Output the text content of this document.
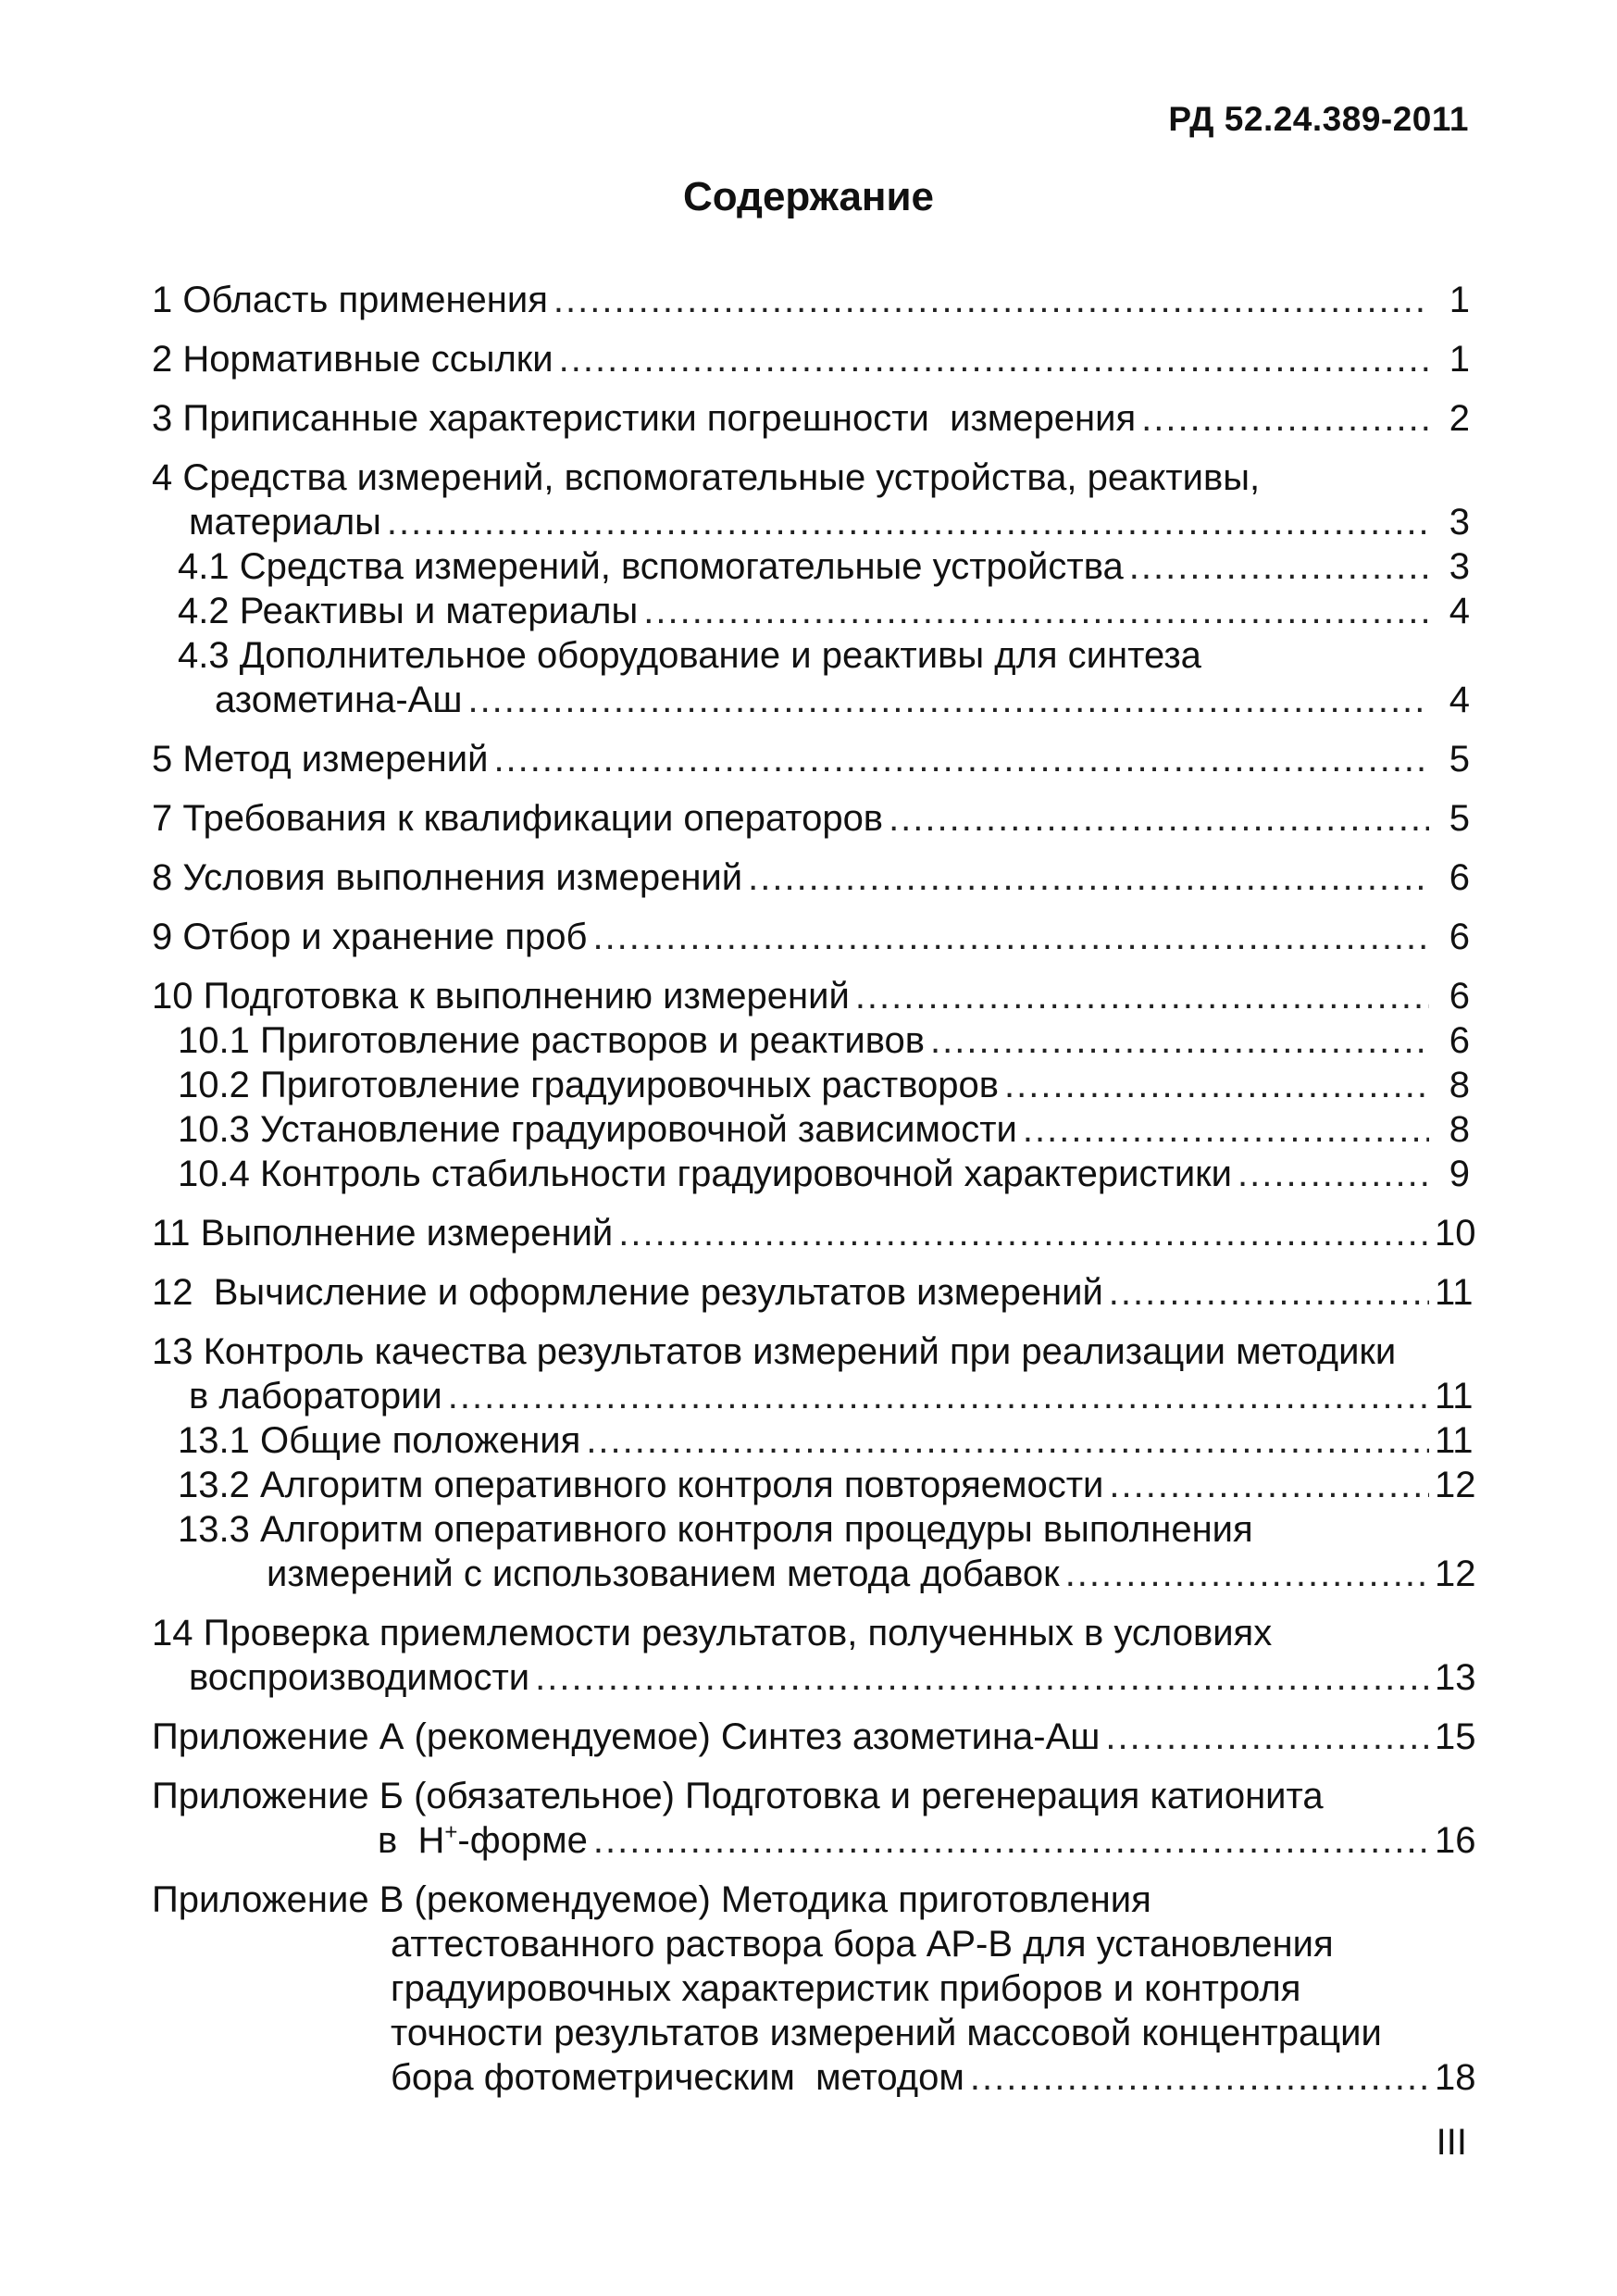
РД 52.24.389-2011
Содержание
1 Область применения .....	1
2 Нормативные ссылки .....	1
3 Приписанные характеристики погрешности  измерения .....	2
4 Средства измерений, вспомогательные устройства, реактивы,
материалы .....	3
4.1 Средства измерений, вспомогательные устройства .....	3
4.2 Реактивы и материалы .....	4
4.3 Дополнительное оборудование и реактивы для синтеза
азометина-Аш .....	4
5 Метод измерений .....	5
7 Требования к квалификации операторов .....	5
8 Условия выполнения измерений .....	6
9 Отбор и хранение проб .....	6
10 Подготовка к выполнению измерений .....	6
10.1 Приготовление растворов и реактивов .....	6
10.2 Приготовление градуировочных растворов .....	8
10.3 Установление градуировочной зависимости .....	8
10.4 Контроль стабильности градуировочной характеристики .....	9
11 Выполнение измерений .....	10
12  Вычисление и оформление результатов измерений .....	11
13 Контроль качества результатов измерений при реализации методики
в лаборатории .....	11
13.1 Общие положения .....	11
13.2 Алгоритм оперативного контроля повторяемости .....	12
13.3 Алгоритм оперативного контроля процедуры выполнения
измерений с использованием метода добавок .....	12
14 Проверка приемлемости результатов, полученных в условиях
воспроизводимости .....	13
Приложение А (рекомендуемое) Синтез азометина-Аш .....	15
Приложение Б (обязательное) Подготовка и регенерация катионита
в  H+-форме .....	16
Приложение В (рекомендуемое) Методика приготовления
аттестованного раствора бора АР-В для установления
градуировочных характеристик приборов и контроля
точности результатов измерений массовой концентрации
бора фотометрическим  методом .....	18
III
